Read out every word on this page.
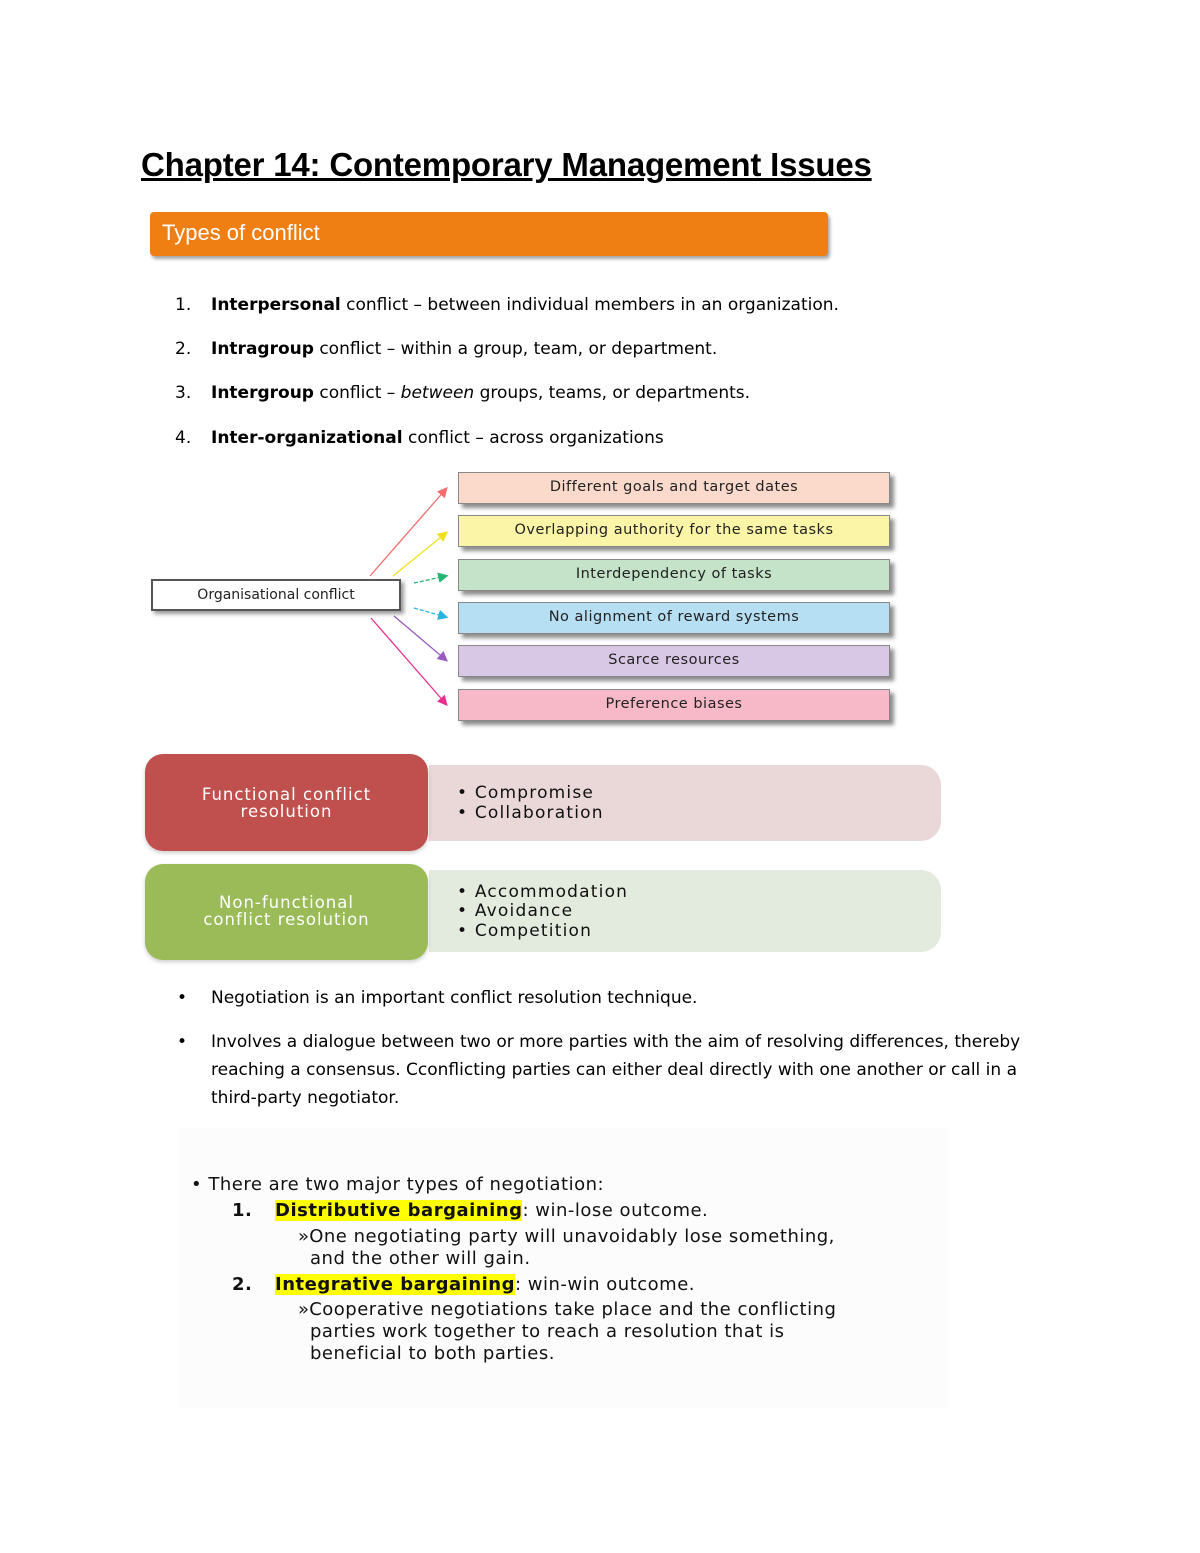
Chapter 14: Contemporary Management Issues
Types of conflict
1. Interpersonal conflict – between individual members in an organization.
2. Intragroup conflict – within a group, team, or department.
3. Intergroup conflict – between groups, teams, or departments.
4. Inter-organizational conflict – across organizations
Organisational conflict
Different goals and target dates
Overlapping authority for the same tasks
Interdependency of tasks
No alignment of reward systems
Scarce resources
Preference biases
• Compromise
• Collaboration
Functional conflict
resolution
• Accommodation
• Avoidance
• Competition
Non-functional
conflict resolution
• Negotiation is an important conflict resolution technique.
• Involves a dialogue between two or more parties with the aim of resolving differences, thereby
reaching a consensus. Cconflicting parties can either deal directly with one another or call in a
third-party negotiator.
• There are two major types of negotiation:
1. Distributive bargaining: win-lose outcome.
»One negotiating party will unavoidably lose something,
and the other will gain.
2. Integrative bargaining: win-win outcome.
»Cooperative negotiations take place and the conflicting
parties work together to reach a resolution that is
beneficial to both parties.
